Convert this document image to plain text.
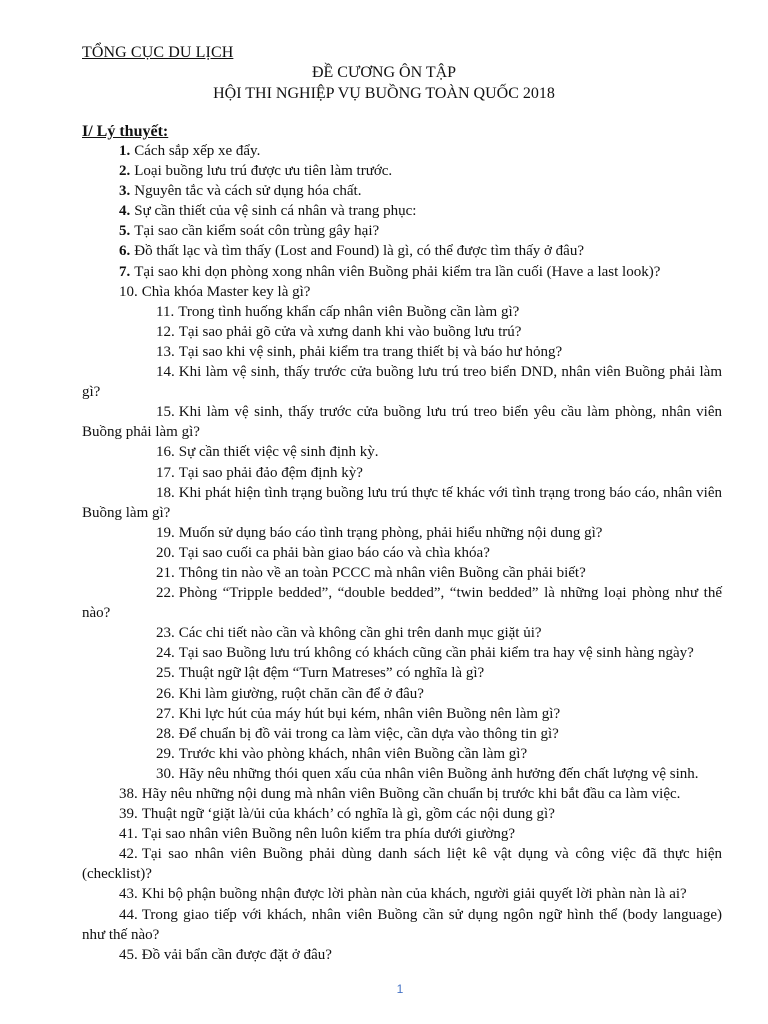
TỔNG CỤC DU LỊCH
ĐỀ CƯƠNG ÔN TẬP
HỘI THI NGHIỆP VỤ BUỒNG TOÀN QUỐC 2018
I/ Lý thuyết:

1. Cách sắp xếp xe đẩy.

2. Loại buồng lưu trú được ưu tiên làm trước.

3. Nguyên tắc và cách sử dụng hóa chất.

4. Sự cần thiết của vệ sinh cá nhân và trang phục:

5. Tại sao cần kiểm soát côn trùng gây hại?

6. Đồ thất lạc và tìm thấy (Lost and Found) là gì, có thể được tìm thấy ở đâu?

7. Tại sao khi dọn phòng xong nhân viên Buồng phải kiểm tra lần cuối (Have a last look)?

10. Chìa khóa Master key là gì?

11. Trong tình huống khẩn cấp nhân viên Buồng cần làm gì?

12. Tại sao phải gõ cửa và xưng danh khi vào buồng lưu trú?

13. Tại sao khi vệ sinh, phải kiểm tra trang thiết bị và báo hư hỏng?

14. Khi làm vệ sinh, thấy trước cửa buồng lưu trú treo biển DND, nhân viên Buồng phải làm gì?

15. Khi làm vệ sinh, thấy trước cửa buồng lưu trú treo biển yêu cầu làm phòng, nhân viên Buồng phải làm gì?

16. Sự cần thiết việc vệ sinh định kỳ.

17. Tại sao phải đảo đệm định kỳ?

18. Khi phát hiện tình trạng buồng lưu trú thực tế khác với tình trạng trong báo cáo, nhân viên Buồng làm gì?

19. Muốn sử dụng báo cáo tình trạng phòng, phải hiểu những nội dung gì?

20. Tại sao cuối ca phải bàn giao báo cáo và chìa khóa?

21. Thông tin nào về an toàn PCCC mà nhân viên Buồng cần phải biết?

22. Phòng “Tripple bedded”, “double bedded”, “twin bedded” là những loại phòng như thế nào?

23. Các chi tiết nào cần và không cần ghi trên danh mục giặt ủi?

24. Tại sao Buồng lưu trú không có khách cũng cần phải kiểm tra hay vệ sinh hàng ngày?

25. Thuật ngữ lật đệm “Turn Matreses” có nghĩa là gì?

26. Khi làm giường, ruột chăn cần để ở đâu?

27. Khi lực hút của máy hút bụi kém, nhân viên Buồng nên làm gì?

28. Để chuẩn bị đồ vải trong ca làm việc, cần dựa vào thông tin gì?

29. Trước khi vào phòng khách, nhân viên Buồng cần làm gì?

30. Hãy nêu những thói quen xấu của nhân viên Buồng ảnh hưởng đến chất lượng vệ sinh.

38. Hãy nêu những nội dung mà nhân viên Buồng cần chuẩn bị trước khi bắt đầu ca làm việc.

39. Thuật ngữ ‘giặt là/ủi của khách’ có nghĩa là gì, gồm các nội dung gì?

41. Tại sao nhân viên Buồng nên luôn kiểm tra phía dưới giường?

42. Tại sao nhân viên Buồng phải dùng danh sách liệt kê vật dụng và công việc đã thực hiện (checklist)?

43. Khi bộ phận buồng nhận được lời phàn nàn của khách, người giải quyết lời phàn nàn là ai?

44. Trong giao tiếp với khách, nhân viên Buồng cần sử dụng ngôn ngữ hình thể (body language) như thế nào?

45. Đồ vải bẩn cần được đặt ở đâu?

1
